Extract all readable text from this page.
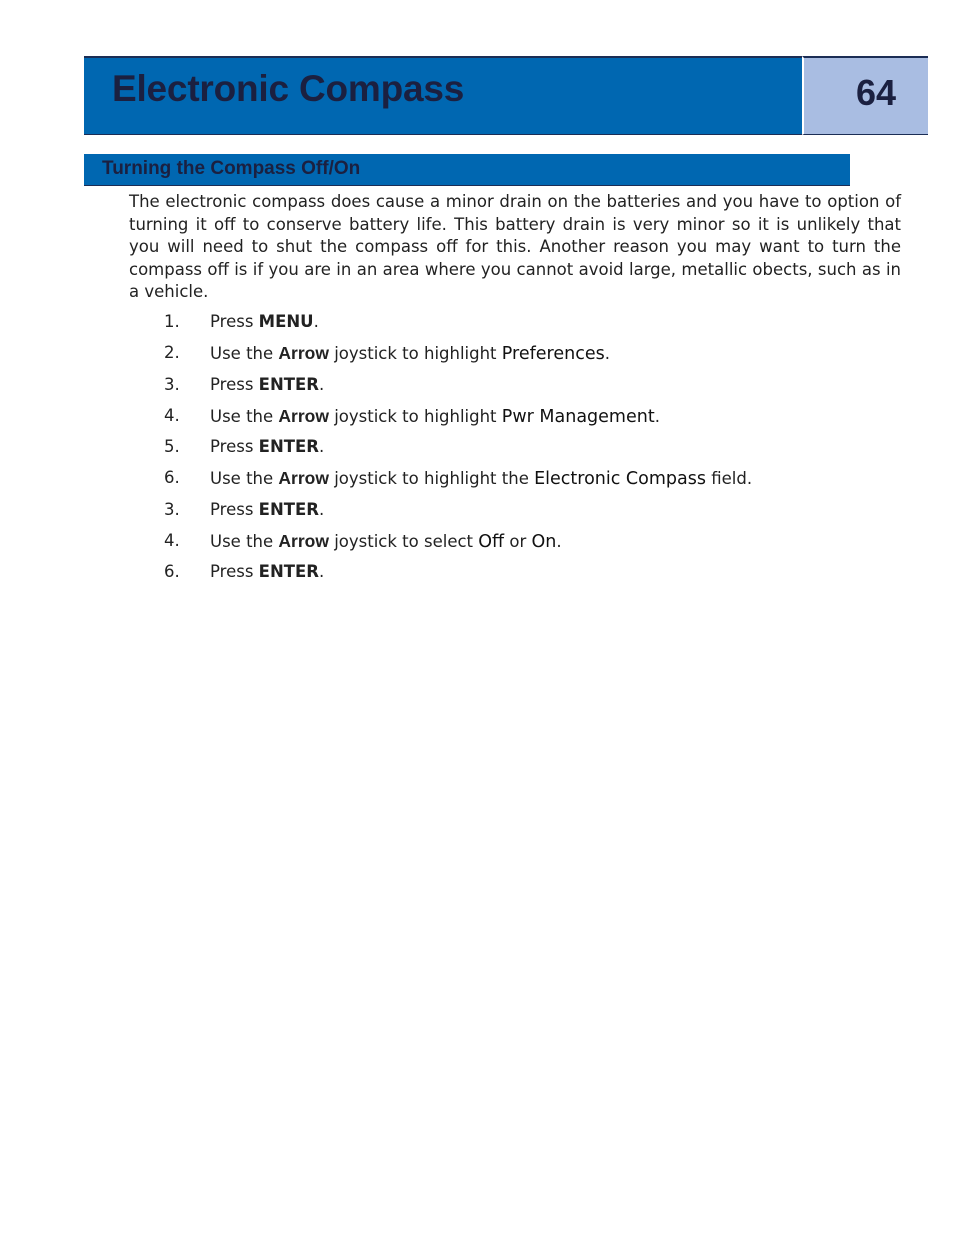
Electronic Compass	64
Turning the Compass Off/On

The electronic compass does cause a minor drain on the batteries and you have to option of turning it off to conserve battery life. This battery drain is very minor so it is unlikely that you will need to shut the compass off for this. Another reason you may want to turn the compass off is if you are in an area where you cannot avoid large, metallic obects, such as in a vehicle.

1. Press MENU.
2. Use the Arrow joystick to highlight Preferences.
3. Press ENTER.
4. Use the Arrow joystick to highlight Pwr Management.
5. Press ENTER.
6. Use the Arrow joystick to highlight the Electronic Compass field.
3. Press ENTER.
4. Use the Arrow joystick to select Off or On.
6. Press ENTER.
